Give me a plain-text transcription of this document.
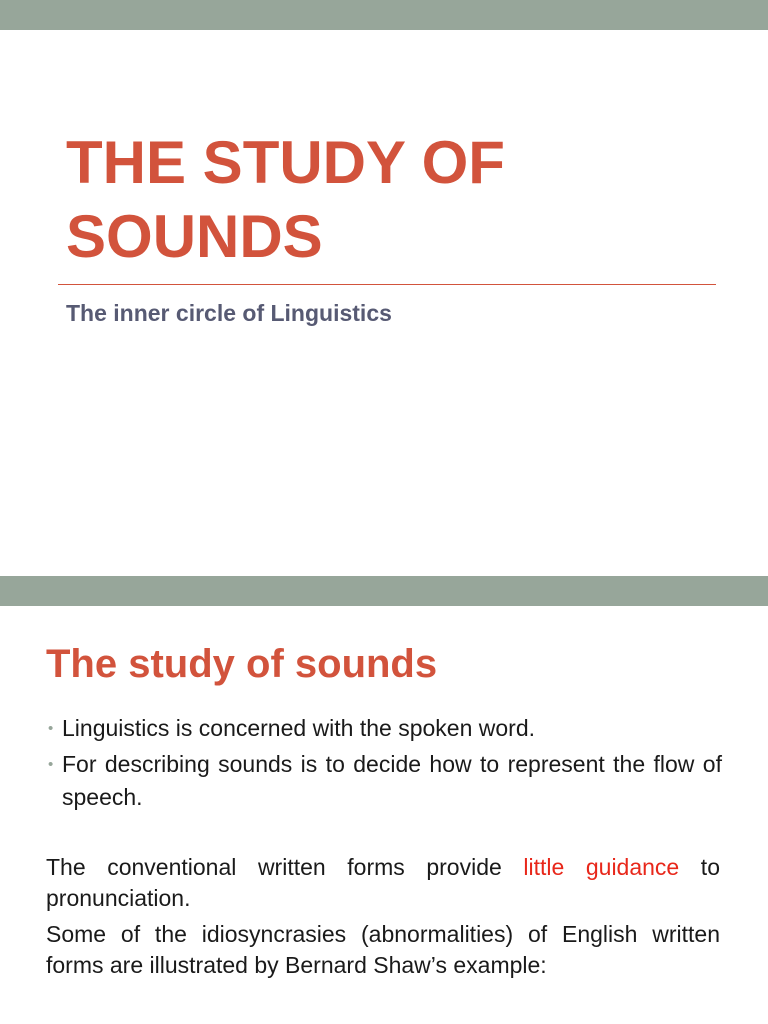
THE STUDY OF SOUNDS

The inner circle of Linguistics

The study of sounds
• Linguistics is concerned with the spoken word.
• For describing sounds is to decide how to represent the flow of speech.

The conventional written forms provide little guidance to pronunciation.

Some of the idiosyncrasies (abnormalities) of English written forms are illustrated by Bernard Shaw’s example:
